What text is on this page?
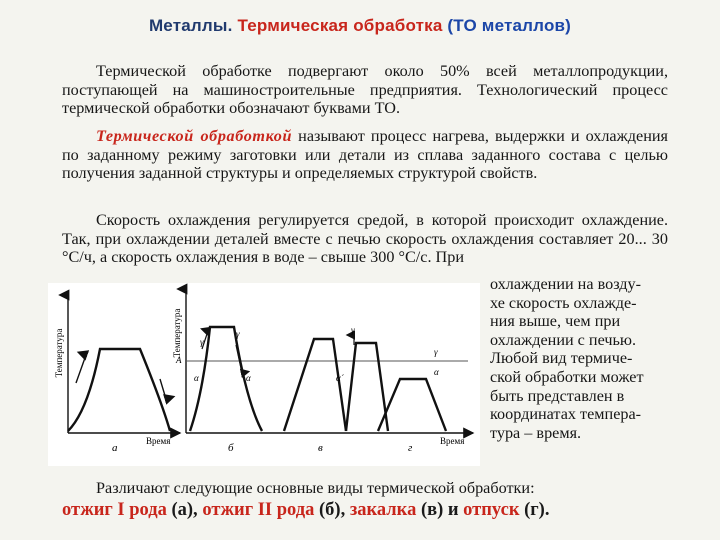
Металлы. Термическая обработка (ТО металлов)

Термической обработке подвергают около 50% всей металлопродукции, поступающей на машиностроительные предприятия. Технологический процесс термической обработки обозначают буквами ТО.

Термической обработкой называют процесс нагрева, выдержки и охлаждения по заданному режиму заготовки или детали из сплава заданного состава с целью получения заданной структуры и определяемых структурой свойств.

Скорость охлаждения регулируется средой, в которой происходит охлаждение. Так, при охлаждении деталей вместе с печью скорость охлаждения составляет 20... 30 °С/ч, а скорость охлаждения в воде – свыше 300 °С/с. При

охлаждении на возду-
хе скорость охлажде-
ния выше, чем при
охлаждении с печью.
Любой вид термиче-
ской обработки может
быть представлен в
координатах темпера-
тура – время.
Температура
Время
а
Температура
Время
А
γ
γ
α	α
б
γ
α´
в
γ
α
г

Различают следующие основные виды термической обработки:

отжиг I рода (а), отжиг II рода (б), закалка (в) и отпуск (г).
